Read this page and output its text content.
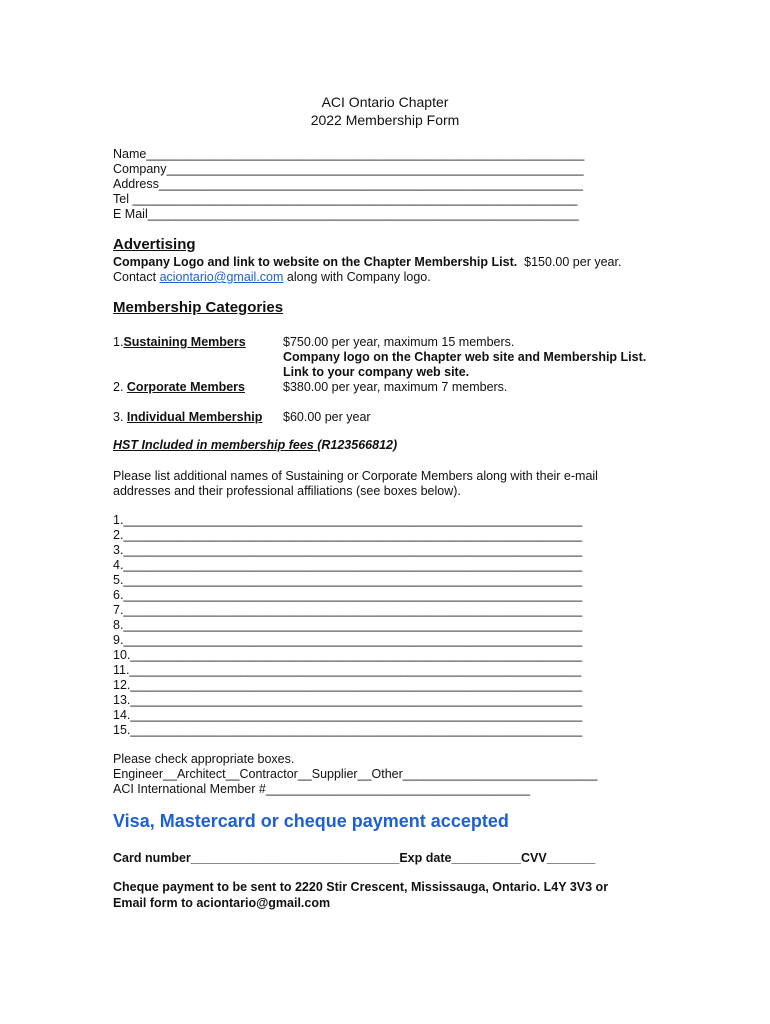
ACI Ontario Chapter
2022 Membership Form
Name_______________________________________________________________
Company____________________________________________________________
Address_____________________________________________________________
Tel ________________________________________________________________
E Mail______________________________________________________________
Advertising
Company Logo and link to website on the Chapter Membership List.  $150.00 per year.
Contact aciontario@gmail.com along with Company logo.
Membership Categories
1.Sustaining Members	$750.00 per year, maximum 15 members.
Company logo on the Chapter web site and Membership List.
Link to your company web site.
2. Corporate Members	$380.00 per year, maximum 7 members.
3. Individual Membership $60.00 per year
HST Included in membership fees (R123566812)
Please list additional names of Sustaining or Corporate Members along with their e-mail
addresses and their professional affiliations (see boxes below).
1.__________________________________________________________________
2.__________________________________________________________________
3.__________________________________________________________________
4.__________________________________________________________________
5.__________________________________________________________________
6.__________________________________________________________________
7.__________________________________________________________________
8.__________________________________________________________________
9.__________________________________________________________________
10._________________________________________________________________
11._________________________________________________________________
12._________________________________________________________________
13._________________________________________________________________
14._________________________________________________________________
15._________________________________________________________________
Please check appropriate boxes.
Engineer__Architect__Contractor__Supplier__Other____________________________
ACI International Member #______________________________________
Visa, Mastercard or cheque payment accepted
Card number______________________________Exp date__________CVV_______
Cheque payment to be sent to 2220 Stir Crescent, Mississauga, Ontario. L4Y 3V3 or
Email form to aciontario@gmail.com
